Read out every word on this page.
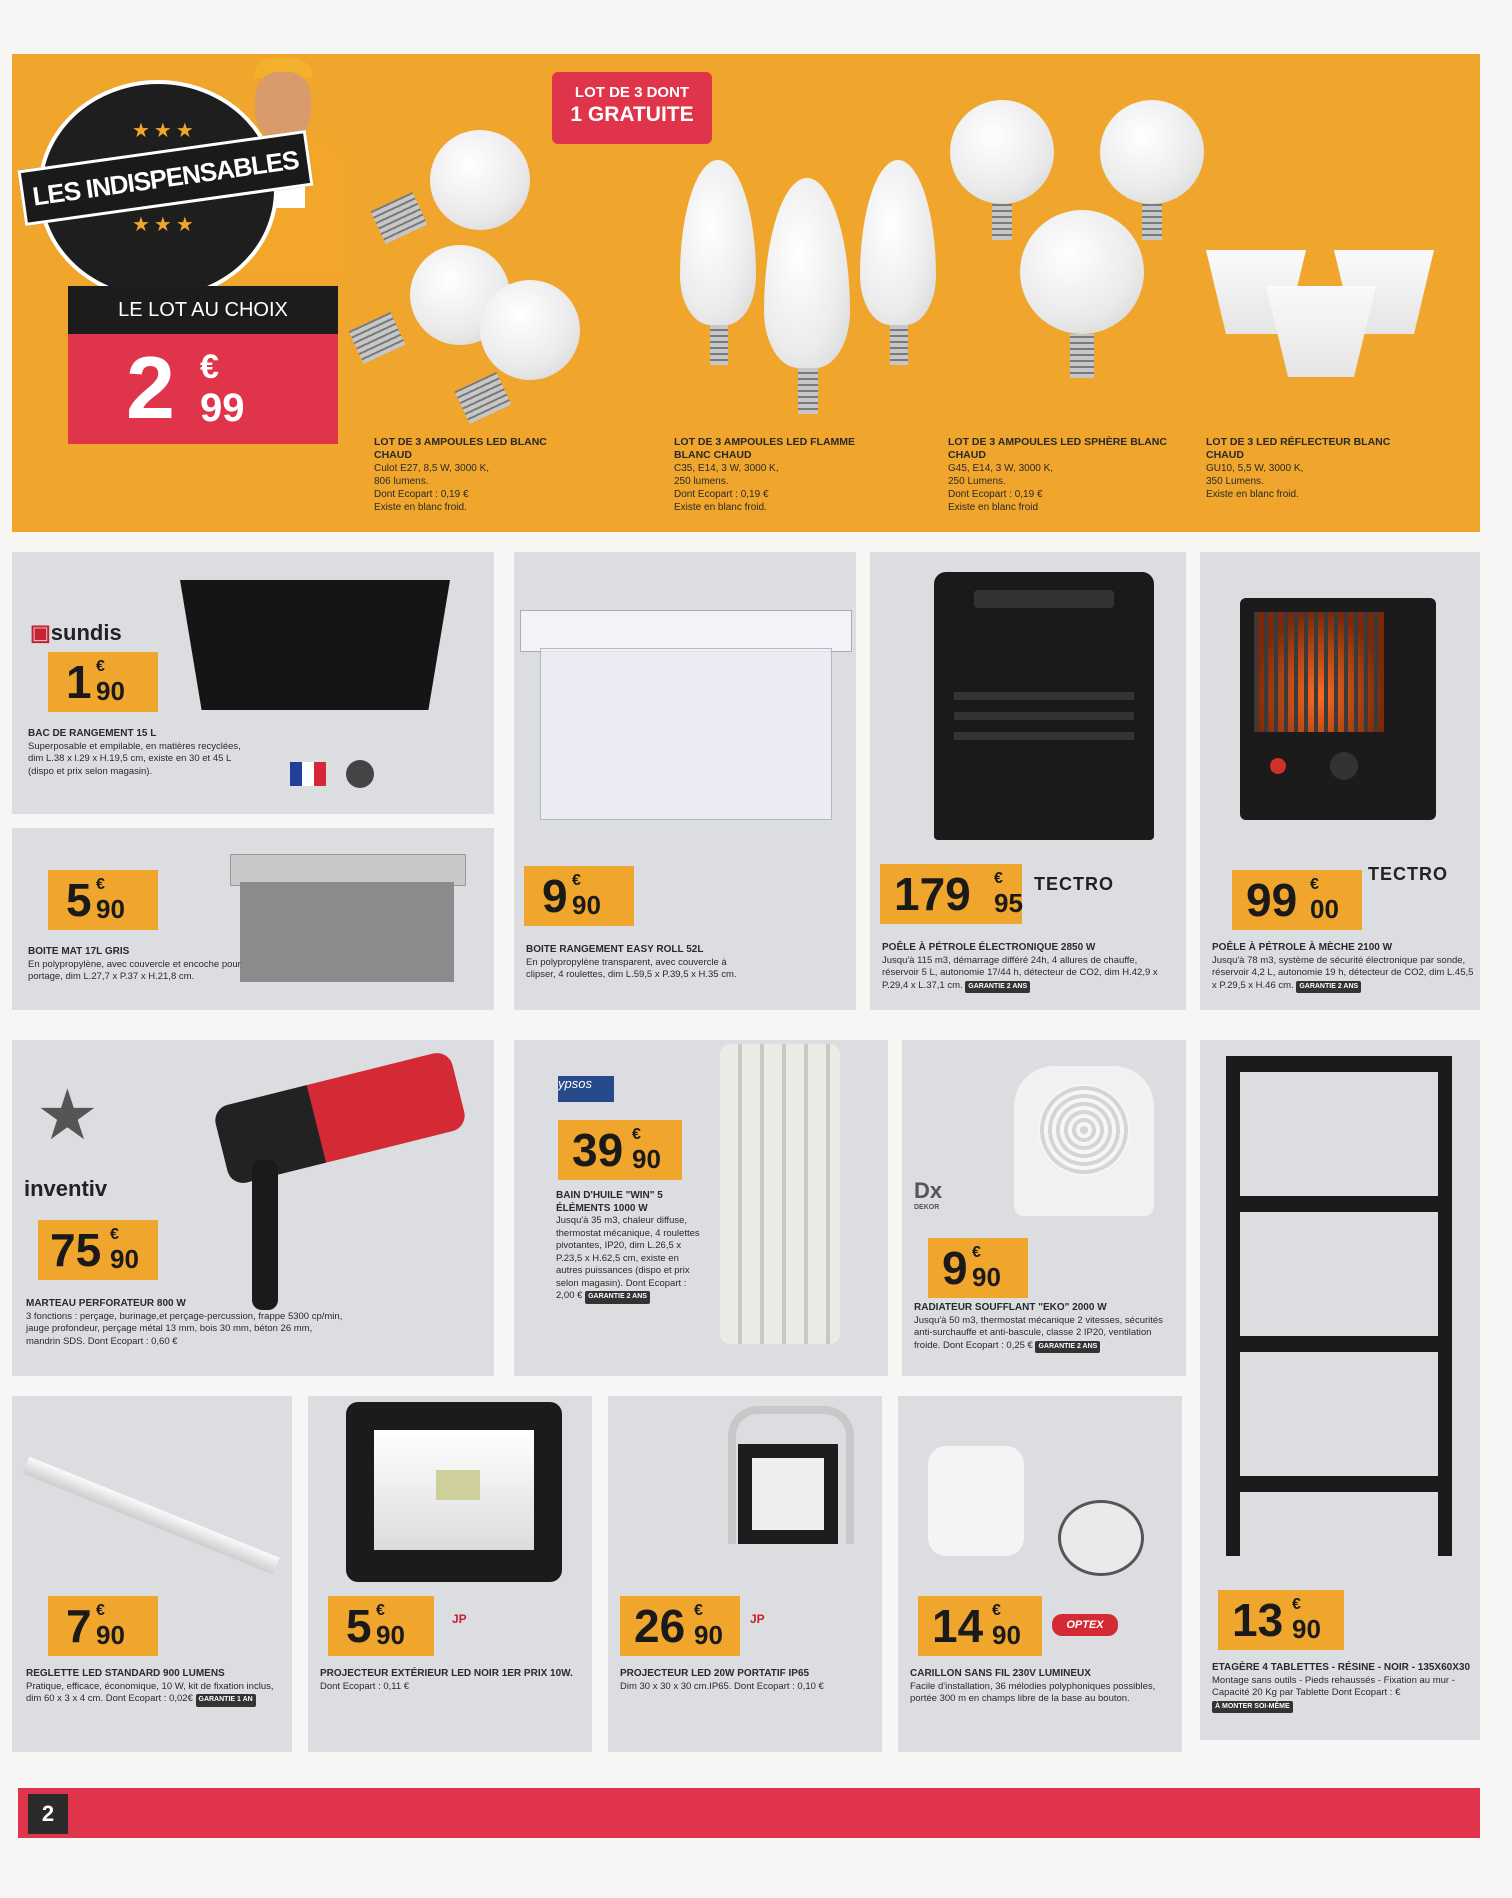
★★★
LES INDISPENSABLES
★★★
LE LOT AU CHOIX
2 €
99
LOT DE 3 DONT
1 GRATUITE
LOT DE 3 AMPOULES LED BLANC CHAUD
Culot E27, 8,5 W, 3000 K,
806 lumens.
Dont Ecopart : 0,19 €
Existe en blanc froid.
LOT DE 3 AMPOULES LED FLAMME BLANC CHAUD
C35, E14, 3 W, 3000 K,
250 lumens.
Dont Ecopart : 0,19 €
Existe en blanc froid.
LOT DE 3 AMPOULES LED SPHÈRE BLANC CHAUD
G45, E14, 3 W, 3000 K,
250 Lumens.
Dont Ecopart : 0,19 €
Existe en blanc froid
LOT DE 3 LED RÉFLECTEUR BLANC CHAUD
GU10, 5,5 W, 3000 K,
350 Lumens.
Existe en blanc froid.
▣sundis
1 €
90
BAC DE RANGEMENT 15 L
Superposable et empilable, en matières recyclées, dim L.38 x l.29 x H.19,5 cm, existe en 30 et 45 L (dispo et prix selon magasin).
5 €
90
BOITE MAT 17L GRIS
En polypropylène, avec couvercle et encoche pour portage, dim L.27,7 x P.37 x H.21,8 cm.
9 €
90
BOITE RANGEMENT EASY ROLL 52L
En polypropylène transparent, avec couvercle à clipser, 4 roulettes, dim L.59,5 x P.39,5 x H.35 cm.
179 €
95
TECTRO
POÊLE À PÉTROLE ÉLECTRONIQUE 2850 W
Jusqu'à 115 m3, démarrage différé 24h, 4 allures de chauffe, réservoir 5 L, autonomie 17/44 h, détecteur de CO2, dim H.42,9 x P.29,4 x L.37,1 cm. GARANTIE 2 ANS
TECTRO
99 €
00
POÊLE À PÉTROLE À MÈCHE 2100 W
Jusqu'à 78 m3, système de sécurité électronique par sonde, réservoir 4,2 L, autonomie 19 h, détecteur de CO2, dim L.45,5 x P.29,5 x H.46 cm. GARANTIE 2 ANS
★
inventiv
75 €
90
MARTEAU PERFORATEUR 800 W
3 fonctions : perçage, burinage,et perçage-percussion, frappe 5300 cp/min, jauge profondeur, perçage métal 13 mm, bois 30 mm, béton 26 mm, mandrin SDS. Dont Ecopart : 0,60 €
ypsos
39 €
90
BAIN D'HUILE "WIN" 5 ÉLÉMENTS 1000 W
Jusqu'à 35 m3, chaleur diffuse, thermostat mécanique, 4 roulettes pivotantes, IP20, dim L.26,5 x P.23,5 x H.62,5 cm, existe en autres puissances (dispo et prix selon magasin). Dont Ecopart : 2,00 € GARANTIE 2 ANS
Dx
DEKOR
9 €
90
RADIATEUR SOUFFLANT "EKO" 2000 W
Jusqu'à 50 m3, thermostat mécanique 2 vitesses, sécurités anti-surchauffe et anti-bascule, classe 2 IP20, ventilation froide. Dont Ecopart : 0,25 € GARANTIE 2 ANS
13 €
90
ETAGÈRE 4 TABLETTES - RÉSINE - NOIR - 135X60X30
Montage sans outils - Pieds rehaussés - Fixation au mur - Capacité 20 Kg par Tablette Dont Ecopart : € À MONTER SOI-MÊME
7 €
90
REGLETTE LED STANDARD 900 LUMENS
Pratique, efficace, économique, 10 W, kit de fixation inclus, dim 60 x 3 x 4 cm. Dont Ecopart : 0,02€ GARANTIE 1 AN
5 €
90
JP
PROJECTEUR EXTÉRIEUR LED NOIR 1ER PRIX 10W.
Dont Ecopart : 0,11 €
26 €
90
JP
PROJECTEUR LED 20W PORTATIF IP65
Dim 30 x 30 x 30 cm.IP65. Dont Ecopart : 0,10 €
14 €
90	OPTEX
CARILLON SANS FIL 230V LUMINEUX
Facile d'installation, 36 mélodies polyphoniques possibles, portée 300 m en champs libre de la base au bouton.
2
